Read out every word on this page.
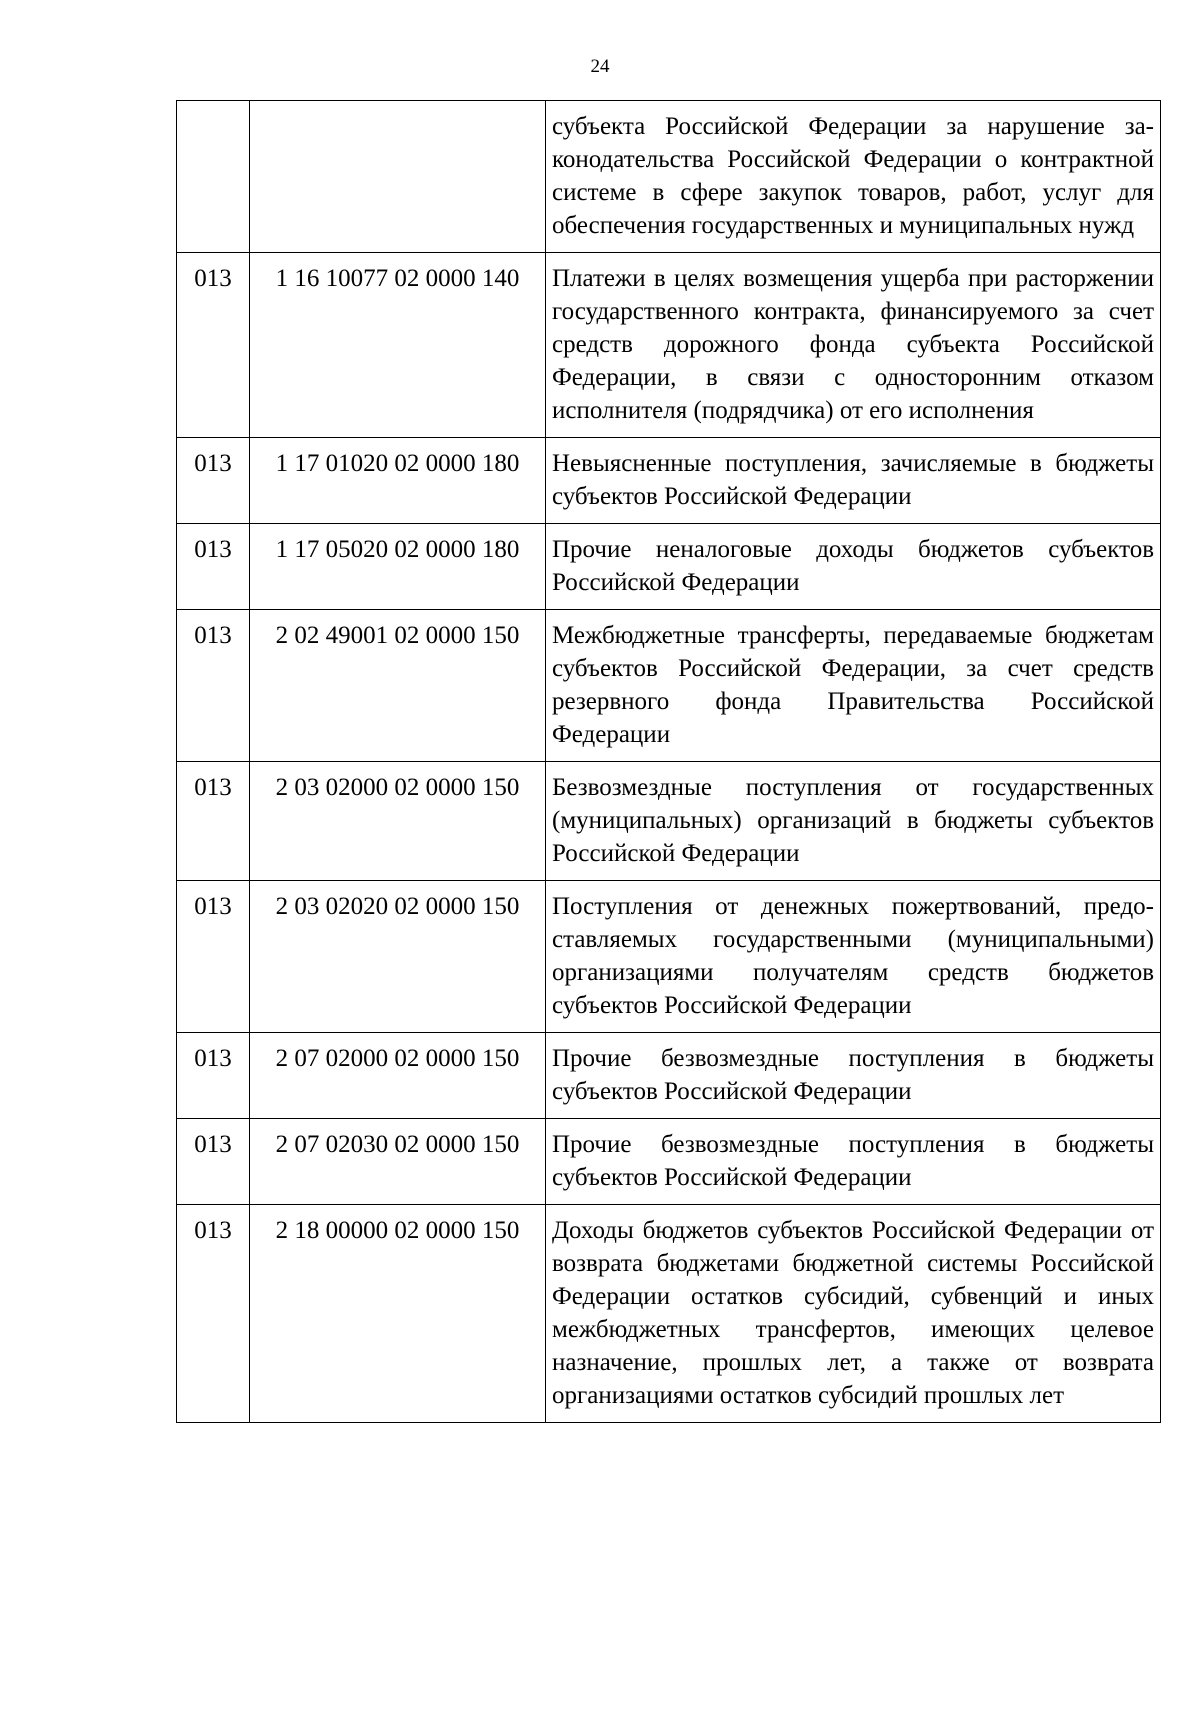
24
		субъекта Российской Федерации за нарушение законодательства Российской Федерации о контрактной системе в сфере закупок товаров, работ, услуг для обеспечения государственных и муниципальных нужд
013	1 16 10077 02 0000 140	Платежи в целях возмещения ущерба при расторжении государственного контракта, финансируемого за счет средств дорожного фонда субъекта Российской Федерации, в связи с односторонним отказом исполнителя (подрядчика) от его исполнения
013	1 17 01020 02 0000 180	Невыясненные поступления, зачисляемые в бюджеты субъектов Российской Федерации
013	1 17 05020 02 0000 180	Прочие неналоговые доходы бюджетов субъектов Российской Федерации
013	2 02 49001 02 0000 150	Межбюджетные трансферты, передаваемые бюджетам субъектов Российской Федерации, за счет средств резервного фонда Правительства Российской Федерации
013	2 03 02000 02 0000 150	Безвозмездные поступления от государственных (муниципальных) организаций в бюджеты субъектов Российской Федерации
013	2 03 02020 02 0000 150	Поступления от денежных пожертвований, предоставляемых государственными (муниципальными) организациями получателям средств бюджетов субъектов Российской Федерации
013	2 07 02000 02 0000 150	Прочие безвозмездные поступления в бюджеты субъектов Российской Федерации
013	2 07 02030 02 0000 150	Прочие безвозмездные поступления в бюджеты субъектов Российской Федерации
013	2 18 00000 02 0000 150	Доходы бюджетов субъектов Российской Федерации от возврата бюджетами бюджетной системы Российской Федерации остатков субсидий, субвенций и иных межбюджетных трансфертов, имеющих целевое назначение, прошлых лет, а также от возврата организациями остатков субсидий прошлых лет
